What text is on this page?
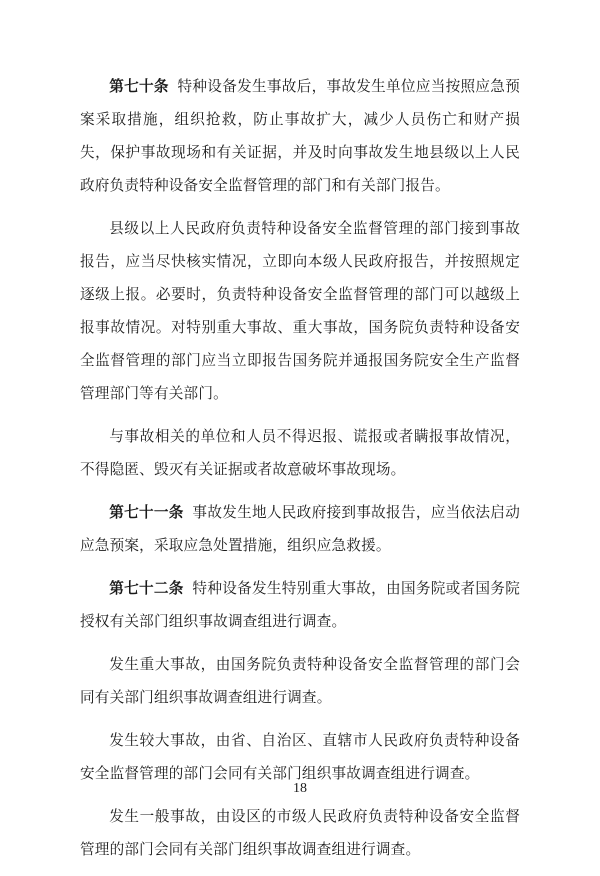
第七十条 特种设备发生事故后，事故发生单位应当按照应急预案采取措施，组织抢救，防止事故扩大，减少人员伤亡和财产损失，保护事故现场和有关证据，并及时向事故发生地县级以上人民政府负责特种设备安全监督管理的部门和有关部门报告。

县级以上人民政府负责特种设备安全监督管理的部门接到事故报告，应当尽快核实情况，立即向本级人民政府报告，并按照规定逐级上报。必要时，负责特种设备安全监督管理的部门可以越级上报事故情况。对特别重大事故、重大事故，国务院负责特种设备安全监督管理的部门应当立即报告国务院并通报国务院安全生产监督管理部门等有关部门。

与事故相关的单位和人员不得迟报、谎报或者瞒报事故情况，不得隐匿、毁灭有关证据或者故意破坏事故现场。

第七十一条 事故发生地人民政府接到事故报告，应当依法启动应急预案，采取应急处置措施，组织应急救援。

第七十二条 特种设备发生特别重大事故，由国务院或者国务院授权有关部门组织事故调查组进行调查。

发生重大事故，由国务院负责特种设备安全监督管理的部门会同有关部门组织事故调查组进行调查。

发生较大事故，由省、自治区、直辖市人民政府负责特种设备安全监督管理的部门会同有关部门组织事故调查组进行调查。

发生一般事故，由设区的市级人民政府负责特种设备安全监督管理的部门会同有关部门组织事故调查组进行调查。

18
